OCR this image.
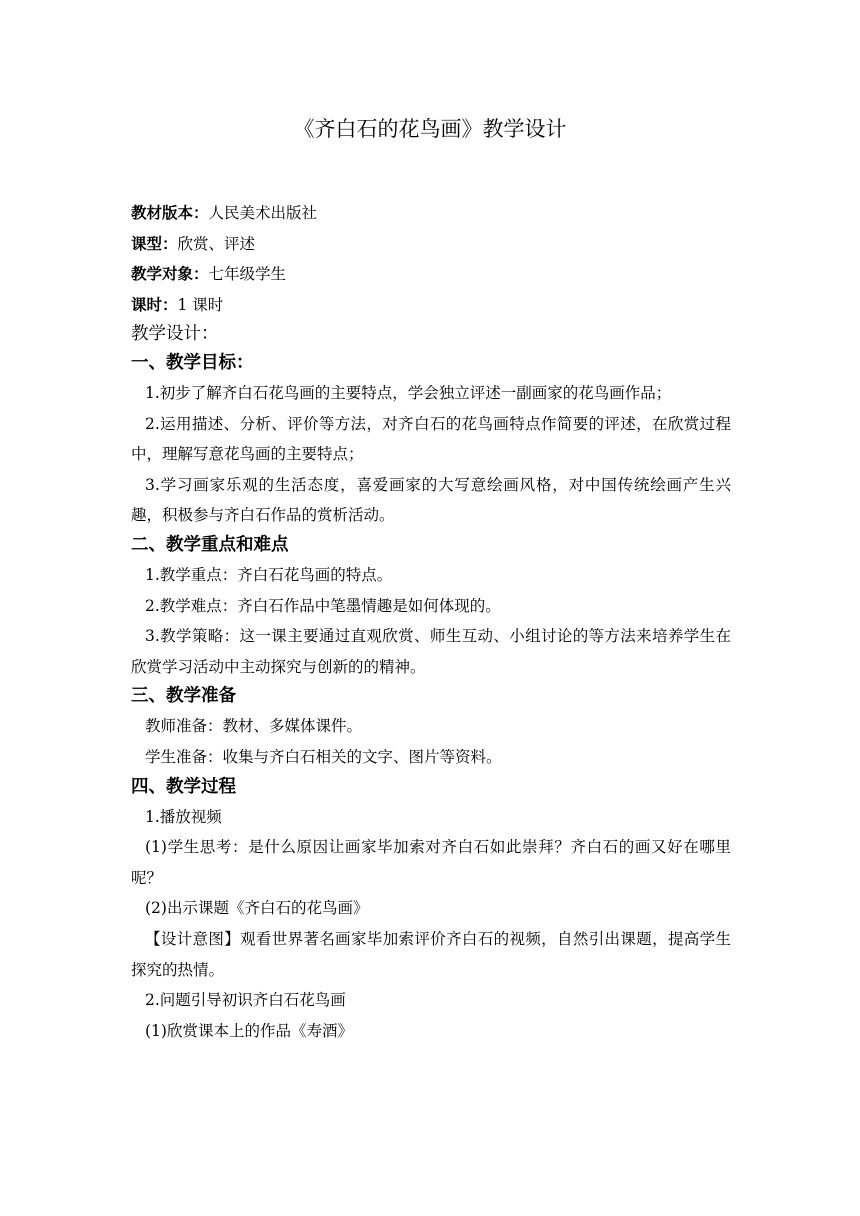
《齐白石的花鸟画》教学设计
教材版本：人民美术出版社
课型：欣赏、评述
教学对象：七年级学生
课时：1 课时
教学设计：
一、教学目标：
1.初步了解齐白石花鸟画的主要特点，学会独立评述一副画家的花鸟画作品；
2.运用描述、分析、评价等方法，对齐白石的花鸟画特点作简要的评述，在欣赏过程中，理解写意花鸟画的主要特点；
3.学习画家乐观的生活态度，喜爱画家的大写意绘画风格，对中国传统绘画产生兴趣，积极参与齐白石作品的赏析活动。
二、教学重点和难点
1.教学重点：齐白石花鸟画的特点。
2.教学难点：齐白石作品中笔墨情趣是如何体现的。
3.教学策略：这一课主要通过直观欣赏、师生互动、小组讨论的等方法来培养学生在欣赏学习活动中主动探究与创新的的精神。
三、教学准备
教师准备：教材、多媒体课件。
学生准备：收集与齐白石相关的文字、图片等资料。
四、教学过程
1.播放视频
(1)学生思考：是什么原因让画家毕加索对齐白石如此崇拜？齐白石的画又好在哪里呢？
(2)出示课题《齐白石的花鸟画》
【设计意图】观看世界著名画家毕加索评价齐白石的视频，自然引出课题，提高学生探究的热情。
2.问题引导初识齐白石花鸟画
(1)欣赏课本上的作品《寿酒》
